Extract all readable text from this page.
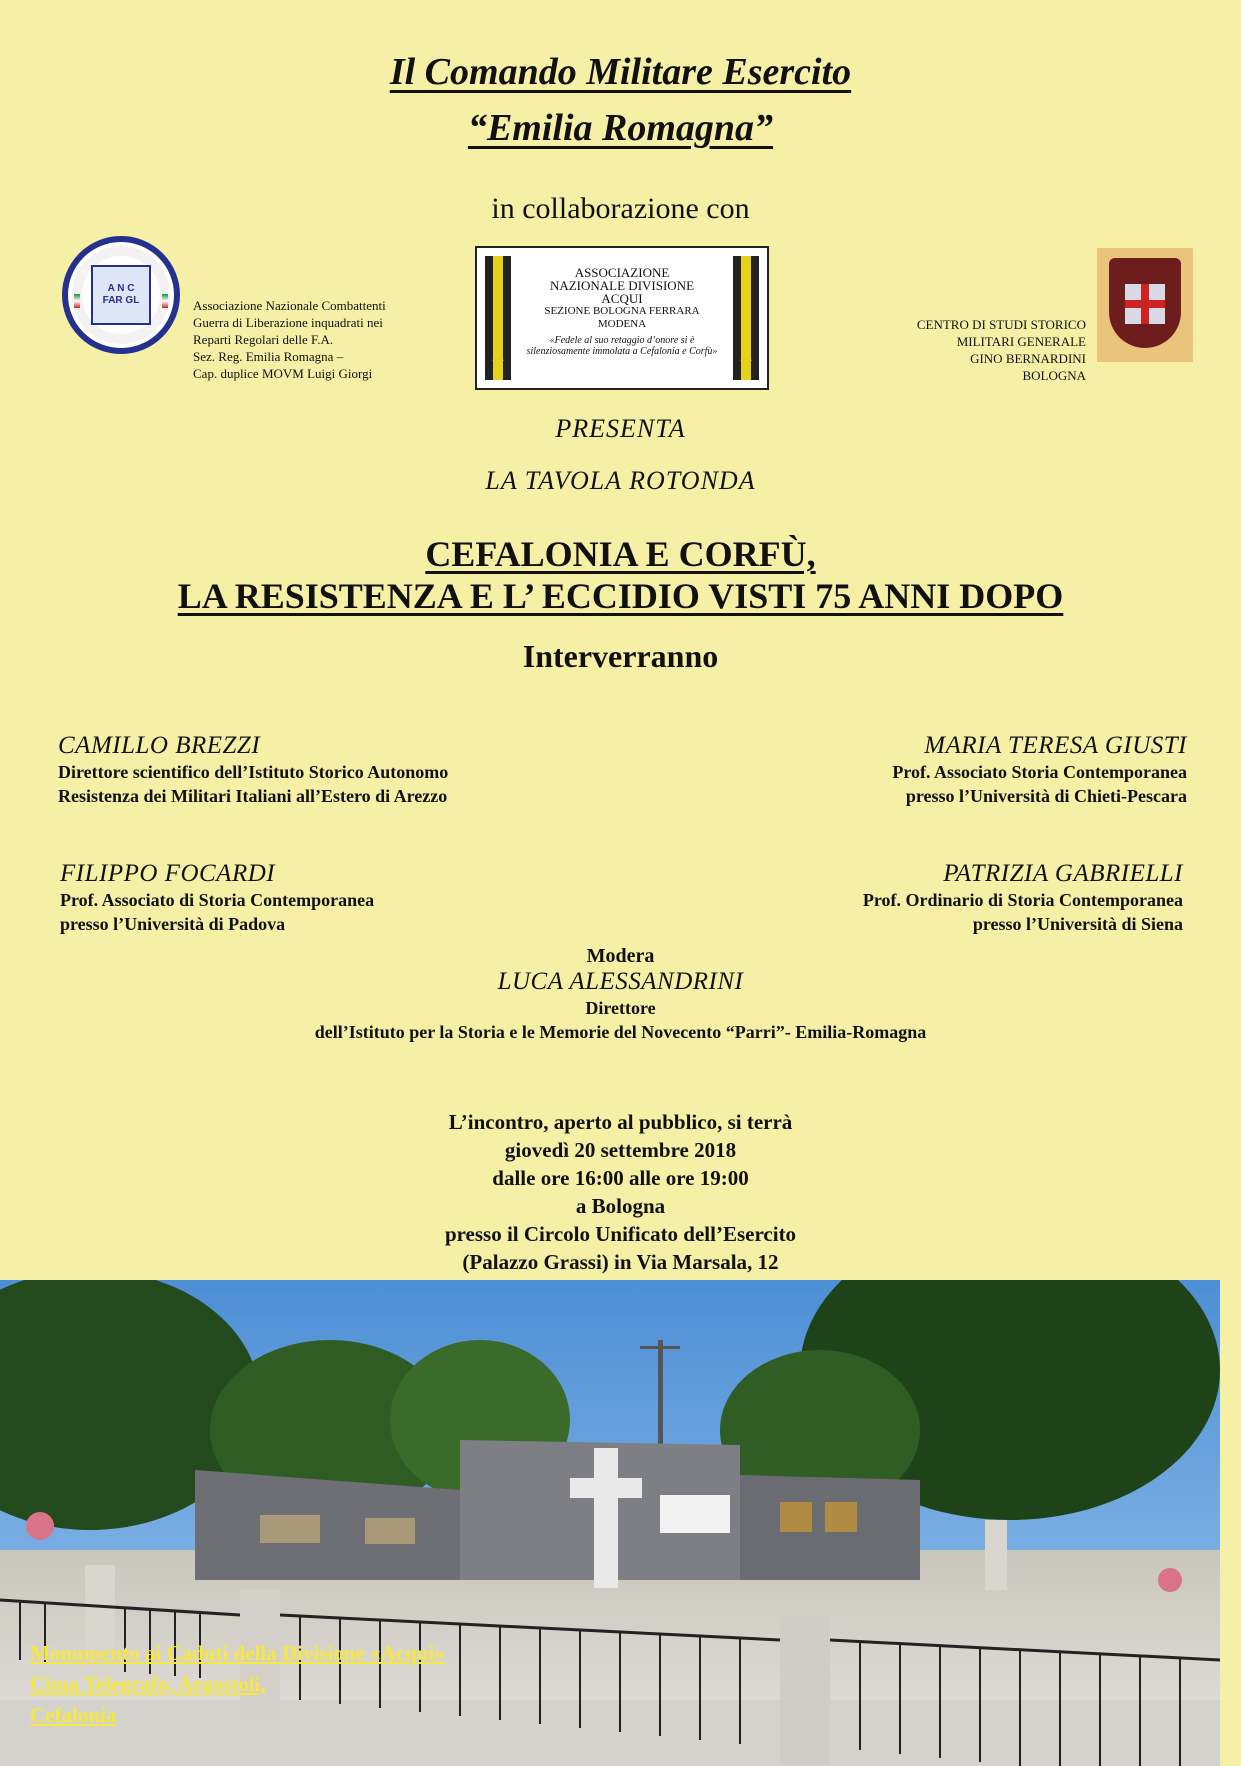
Il Comando Militare Esercito
“Emilia Romagna”
in collaborazione con
A N C
FAR GL	Associazione Nazionale Combattenti
Guerra di Liberazione inquadrati nei
Reparti Regolari delle F.A.
Sez. Reg. Emilia Romagna –
Cap. duplice MOVM Luigi Giorgi
★	★
ASSOCIAZIONE
NAZIONALE DIVISIONE
ACQUI
SEZIONE BOLOGNA FERRARA
MODENA
«Fedele al suo retaggio d’onore si è silenziosamente immolata a Cefalonia e Corfù»
CENTRO DI STUDI STORICO
MILITARI GENERALE
GINO BERNARDINI
BOLOGNA
PRESENTA
LA TAVOLA ROTONDA
CEFALONIA E CORFÙ,
LA RESISTENZA E L’ ECCIDIO VISTI 75 ANNI DOPO
Interverranno
CAMILLO BREZZI
Direttore scientifico dell’Istituto Storico Autonomo
Resistenza dei Militari Italiani all’Estero di Arezzo
MARIA TERESA GIUSTI
Prof. Associato Storia Contemporanea
presso l’Università di Chieti-Pescara
FILIPPO FOCARDI
Prof. Associato di Storia Contemporanea
presso l’Università di Padova
PATRIZIA GABRIELLI
Prof. Ordinario di Storia Contemporanea
presso l’Università di Siena
Modera
LUCA ALESSANDRINI
Direttore
dell’Istituto per la Storia e le Memorie del Novecento “Parri”- Emilia-Romagna
L’incontro, aperto al pubblico, si terrà
giovedì 20 settembre 2018
dalle ore 16:00 alle ore 19:00
a Bologna
presso il Circolo Unificato dell’Esercito
(Palazzo Grassi) in Via Marsala, 12
Monumento ai Caduti della Divisione «Acqui»
Cima Telegrafo, Argostoli,
Cefalonia
